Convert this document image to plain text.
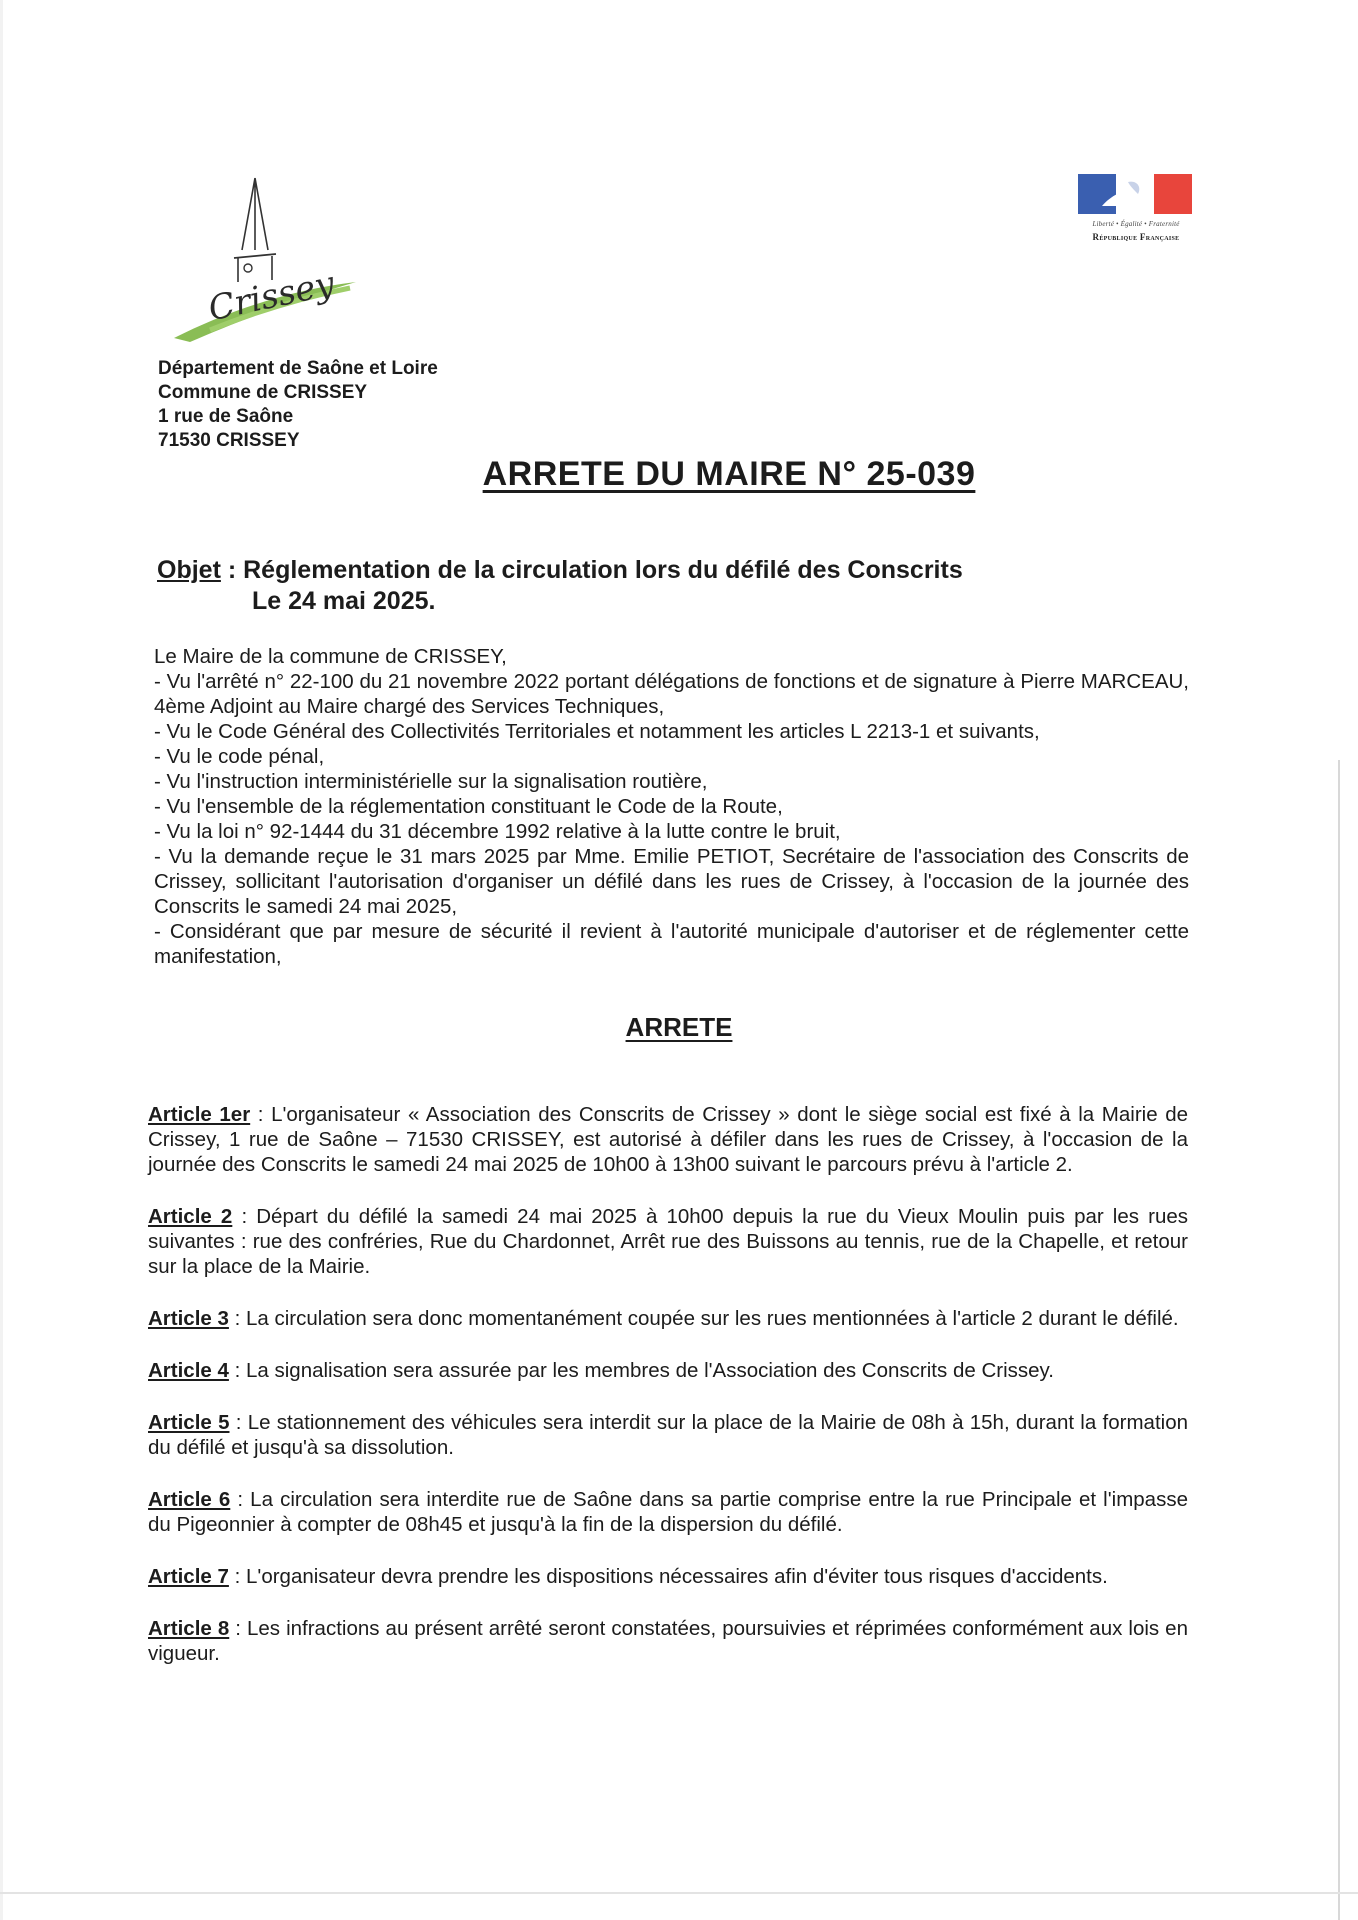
Crissey
Liberté • Égalité • Fraternité
République Française
Département de Saône et Loire
Commune de CRISSEY
1 rue de Saône
71530 CRISSEY
ARRETE DU MAIRE N° 25-039
Objet : Réglementation de la circulation lors du défilé des Conscrits
Le 24 mai 2025.

Le Maire de la commune de CRISSEY,

- Vu l'arrêté n° 22-100 du 21 novembre 2022 portant délégations de fonctions et de signature à Pierre MARCEAU, 4ème Adjoint au Maire chargé des Services Techniques,

- Vu le Code Général des Collectivités Territoriales et notamment les articles L 2213-1 et suivants,

- Vu le code pénal,

- Vu l'instruction interministérielle sur la signalisation routière,

- Vu l'ensemble de la réglementation constituant le Code de la Route,

- Vu la loi n° 92-1444 du 31 décembre 1992 relative à la lutte contre le bruit,

- Vu la demande reçue le 31 mars 2025 par Mme. Emilie PETIOT, Secrétaire de l'association des Conscrits de Crissey, sollicitant l'autorisation d'organiser un défilé dans les rues de Crissey, à l'occasion de la journée des Conscrits le samedi 24 mai 2025,

- Considérant que par mesure de sécurité il revient à l'autorité municipale d'autoriser et de réglementer cette manifestation,

ARRETE

Article 1er : L'organisateur « Association des Conscrits de Crissey » dont le siège social est fixé à la Mairie de Crissey, 1 rue de Saône – 71530 CRISSEY, est autorisé à défiler dans les rues de Crissey, à l'occasion de la journée des Conscrits le samedi 24 mai 2025 de 10h00 à 13h00 suivant le parcours prévu à l'article 2.

Article 2 : Départ du défilé la samedi 24 mai 2025 à 10h00 depuis la rue du Vieux Moulin puis par les rues suivantes : rue des confréries, Rue du Chardonnet, Arrêt rue des Buissons au tennis, rue de la Chapelle, et retour sur la place de la Mairie.

Article 3 : La circulation sera donc momentanément coupée sur les rues mentionnées à l'article 2 durant le défilé.

Article 4 : La signalisation sera assurée par les membres de l'Association des Conscrits de Crissey.

Article 5 : Le stationnement des véhicules sera interdit sur la place de la Mairie de 08h à 15h, durant la formation du défilé et jusqu'à sa dissolution.

Article 6 : La circulation sera interdite rue de Saône dans sa partie comprise entre la rue Principale et l'impasse du Pigeonnier à compter de 08h45 et jusqu'à la fin de la dispersion du défilé.

Article 7 : L'organisateur devra prendre les dispositions nécessaires afin d'éviter tous risques d'accidents.

Article 8 : Les infractions au présent arrêté seront constatées, poursuivies et réprimées conformément aux lois en vigueur.
